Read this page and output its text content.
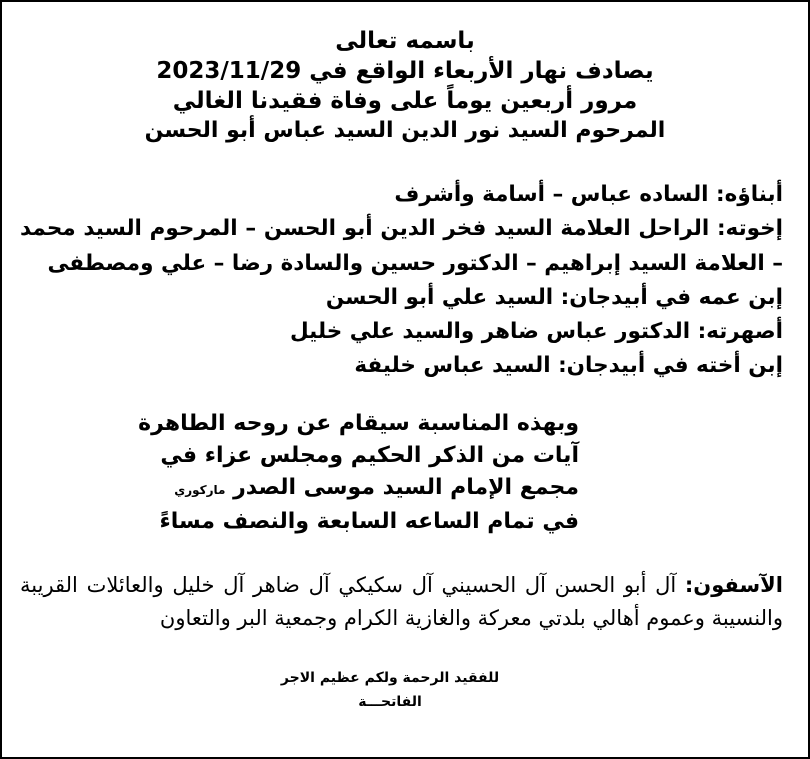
باسمه تعالى
يصادف نهار الأربعاء الواقع في 2023/11/29
مرور أربعين يوماً على وفاة فقيدنا الغالي
المرحوم السيد نور الدين السيد عباس أبو الحسن

أبناؤه: الساده عباس – أسامة وأشرف

إخوته: الراحل العلامة السيد فخر الدين أبو الحسن – المرحوم السيد محمد – العلامة السيد إبراهيم – الدكتور حسين والسادة رضا – علي ومصطفى

إبن عمه في أبيدجان: السيد علي أبو الحسن

أصهرته: الدكتور عباس ضاهر والسيد علي خليل

إبن أخته في أبيدجان: السيد عباس خليفة

وبهذه المناسبة سيقام عن روحه الطاهرة
آيات من الذكر الحكيم ومجلس عزاء في
مجمع الإمام السيد موسى الصدر ماركوري
في تمام الساعه السابعة والنصف مساءً

الآسفون: آل أبو الحسن آل الحسيني آل سكيكي آل ضاهر آل خليل والعائلات القريبة والنسيبة وعموم أهالي بلدتي معركة والغازية الكرام وجمعية البر والتعاون

للفقيد الرحمة ولكم عظيم الاجر
الفاتحـــة
